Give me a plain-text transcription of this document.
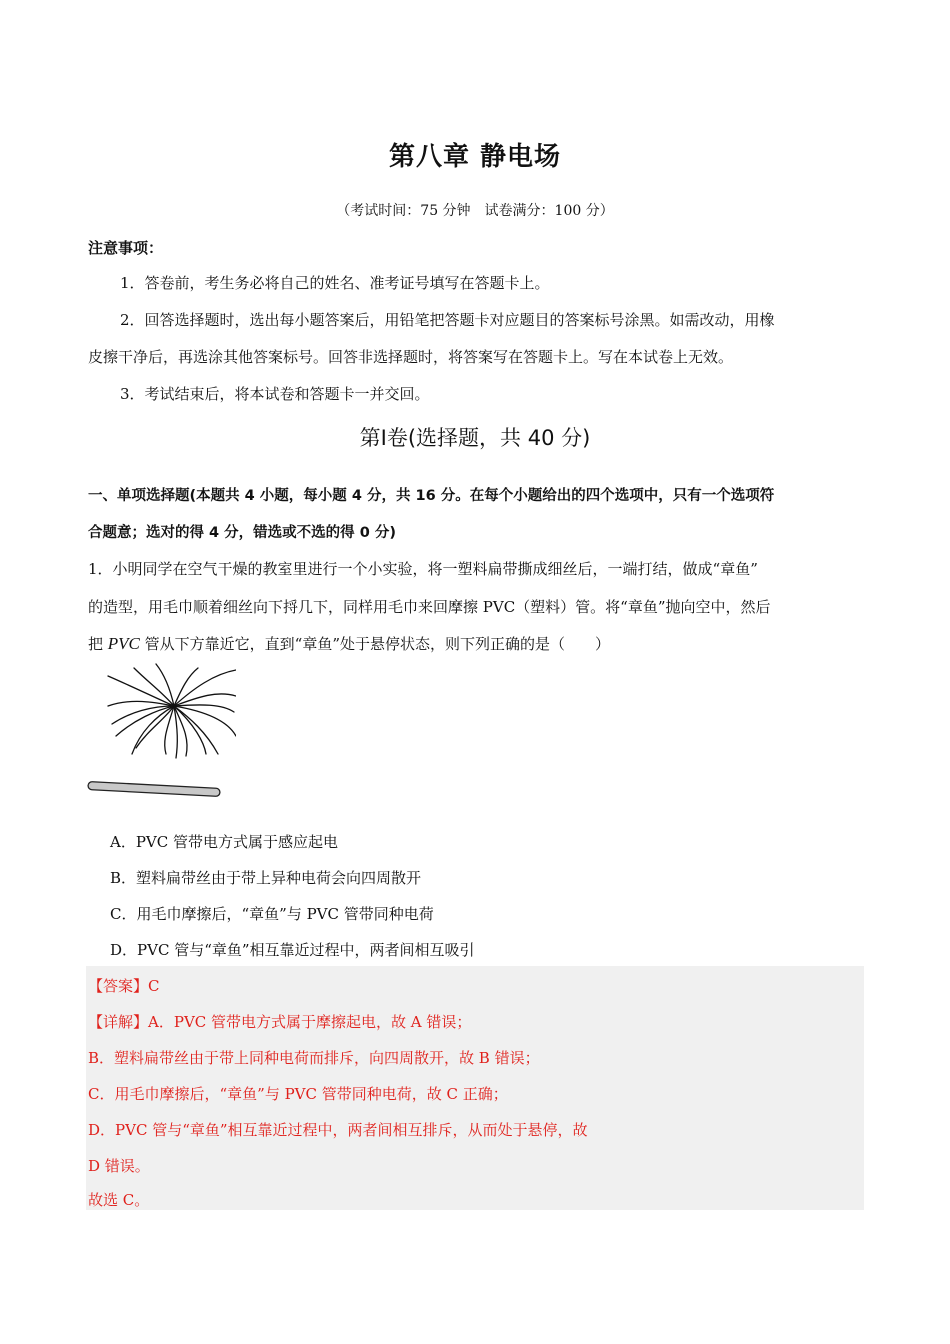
第八章 静电场
（考试时间：75 分钟　试卷满分：100 分）
注意事项：
1．答卷前，考生务必将自己的姓名、准考证号填写在答题卡上。
2．回答选择题时，选出每小题答案后，用铅笔把答题卡对应题目的答案标号涂黑。如需改动，用橡
皮擦干净后，再选涂其他答案标号。回答非选择题时，将答案写在答题卡上。写在本试卷上无效。
3．考试结束后，将本试卷和答题卡一并交回。
第Ⅰ卷(选择题，共 40 分)
一、单项选择题(本题共 4 小题，每小题 4 分，共 16 分。在每个小题给出的四个选项中，只有一个选项符
合题意；选对的得 4 分，错选或不选的得 0 分)
1．小明同学在空气干燥的教室里进行一个小实验，将一塑料扁带撕成细丝后，一端打结，做成“章鱼”
的造型，用毛巾顺着细丝向下捋几下，同样用毛巾来回摩擦 PVC（塑料）管。将“章鱼”抛向空中，然后
把 PVC 管从下方靠近它，直到“章鱼”处于悬停状态，则下列正确的是（　　）
A．PVC 管带电方式属于感应起电
B．塑料扁带丝由于带上异种电荷会向四周散开
C．用毛巾摩擦后，“章鱼”与 PVC 管带同种电荷
D．PVC 管与“章鱼”相互靠近过程中，两者间相互吸引
【答案】C
【详解】A．PVC 管带电方式属于摩擦起电，故 A 错误；
B．塑料扁带丝由于带上同种电荷而排斥，向四周散开，故 B 错误；
C．用毛巾摩擦后，“章鱼”与 PVC 管带同种电荷，故 C 正确；
D．PVC 管与“章鱼”相互靠近过程中，两者间相互排斥，从而处于悬停，故
D 错误。
故选 C。
